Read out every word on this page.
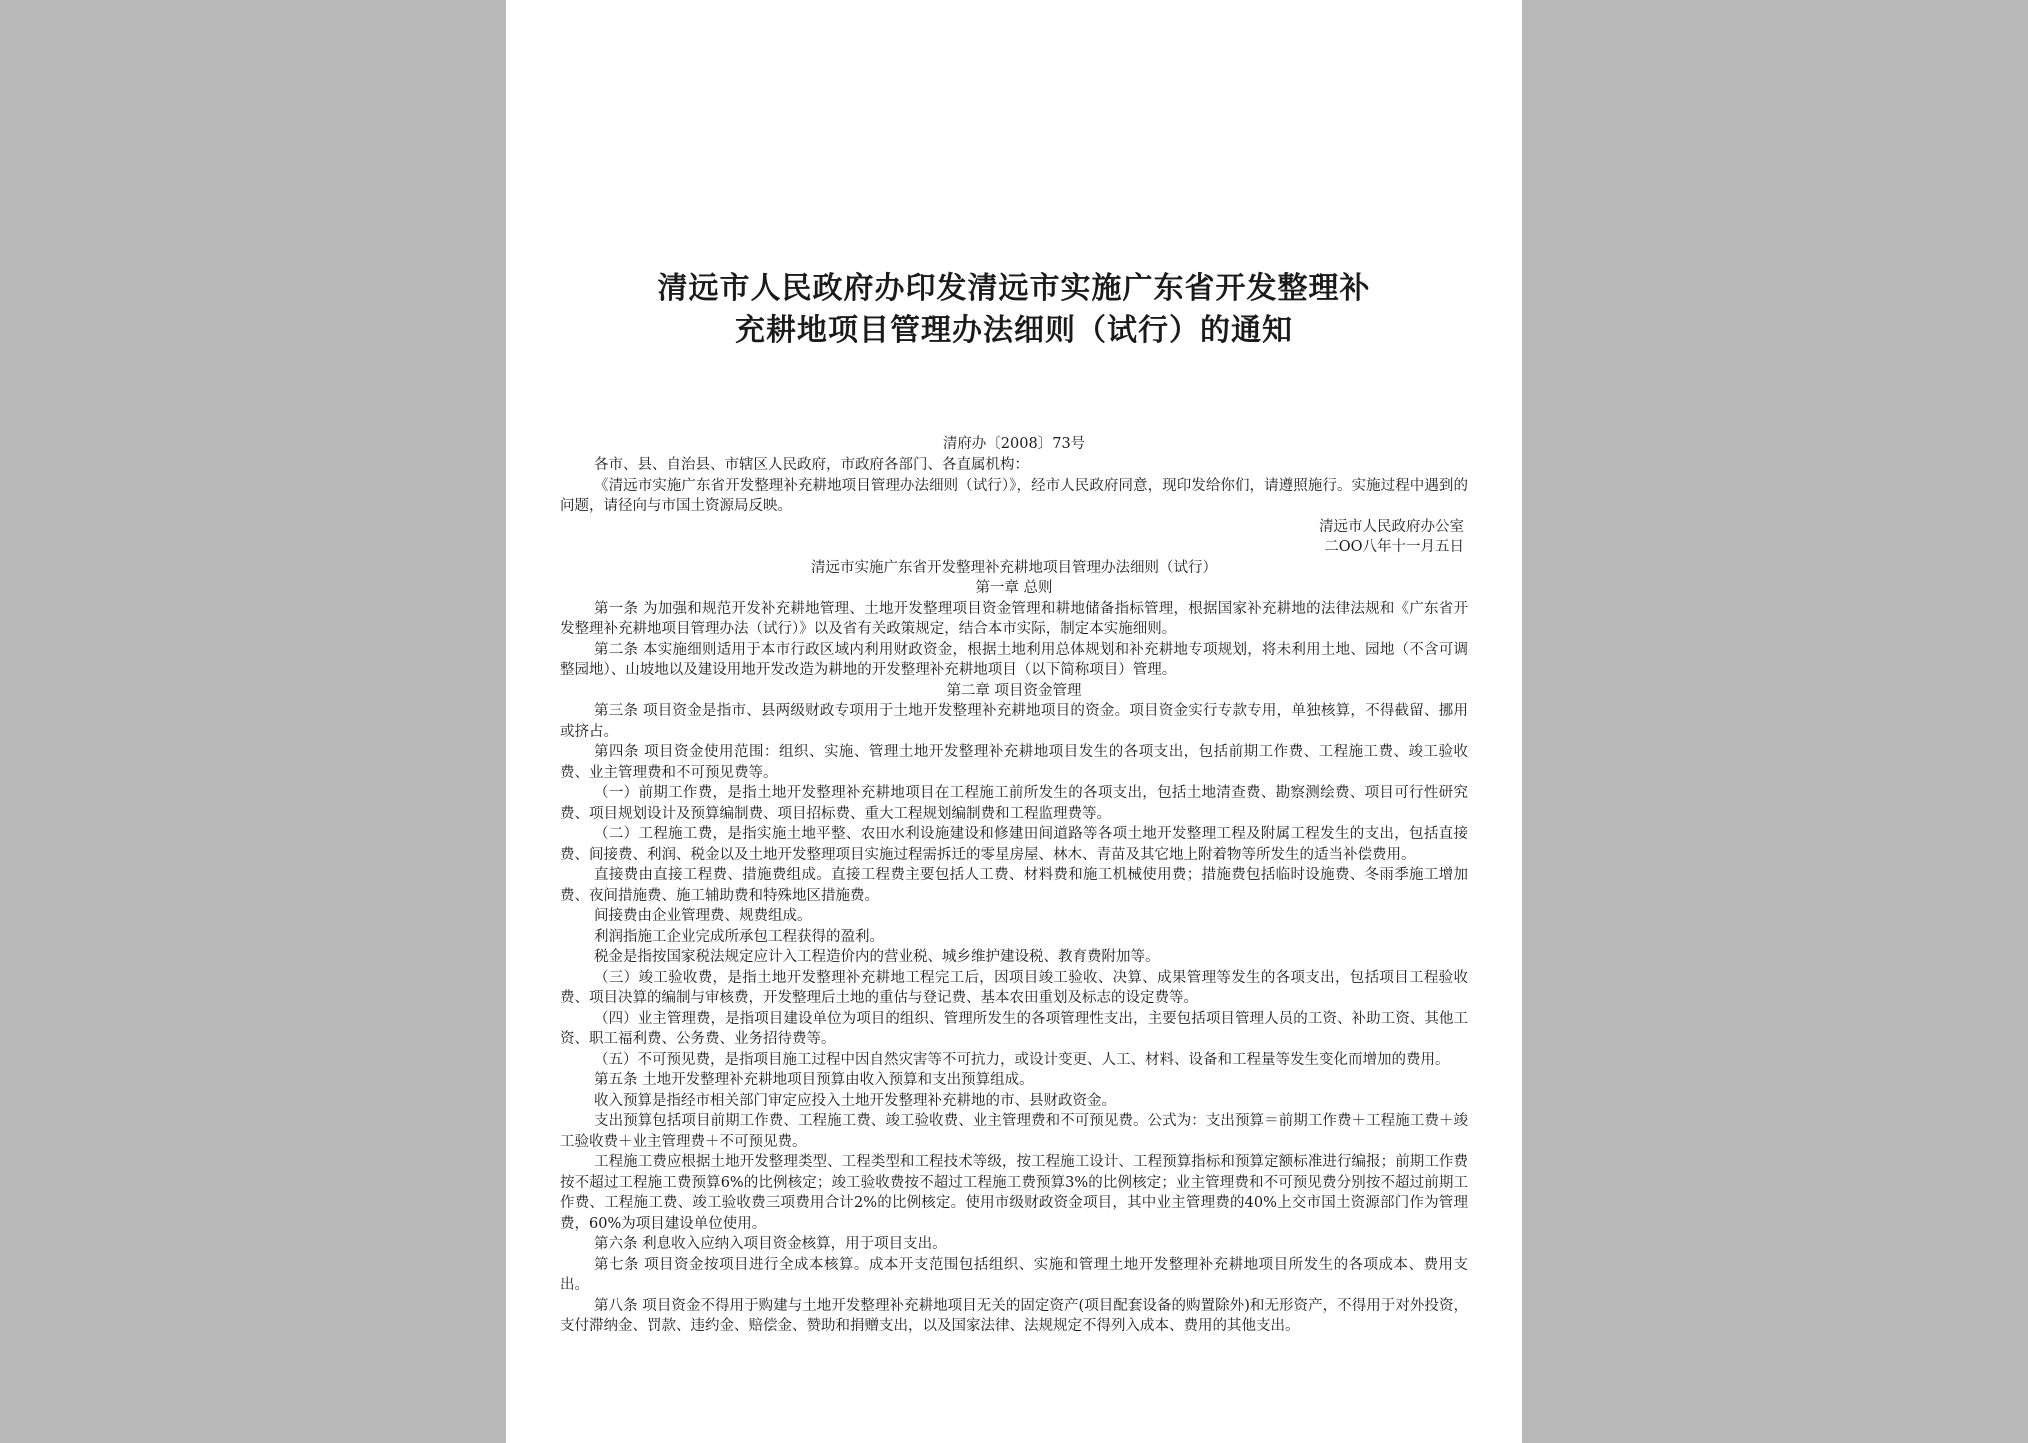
清远市人民政府办印发清远市实施广东省开发整理补
充耕地项目管理办法细则（试行）的通知
清府办〔2008〕73号

各市、县、自治县、市辖区人民政府，市政府各部门、各直属机构：

《清远市实施广东省开发整理补充耕地项目管理办法细则（试行）》，经市人民政府同意，现印发给你们，请遵照施行。实施过程中遇到的问题，请径向与市国土资源局反映。

清远市人民政府办公室

二OO八年十一月五日

清远市实施广东省开发整理补充耕地项目管理办法细则（试行）

第一章 总则

第一条 为加强和规范开发补充耕地管理、土地开发整理项目资金管理和耕地储备指标管理，根据国家补充耕地的法律法规和《广东省开发整理补充耕地项目管理办法（试行）》以及省有关政策规定，结合本市实际，制定本实施细则。

第二条 本实施细则适用于本市行政区域内利用财政资金，根据土地利用总体规划和补充耕地专项规划，将未利用土地、园地（不含可调整园地）、山坡地以及建设用地开发改造为耕地的开发整理补充耕地项目（以下简称项目）管理。

第二章 项目资金管理

第三条 项目资金是指市、县两级财政专项用于土地开发整理补充耕地项目的资金。项目资金实行专款专用，单独核算，不得截留、挪用或挤占。

第四条 项目资金使用范围：组织、实施、管理土地开发整理补充耕地项目发生的各项支出，包括前期工作费、工程施工费、竣工验收费、业主管理费和不可预见费等。

（一）前期工作费，是指土地开发整理补充耕地项目在工程施工前所发生的各项支出，包括土地清查费、勘察测绘费、项目可行性研究费、项目规划设计及预算编制费、项目招标费、重大工程规划编制费和工程监理费等。

（二）工程施工费，是指实施土地平整、农田水利设施建设和修建田间道路等各项土地开发整理工程及附属工程发生的支出，包括直接费、间接费、利润、税金以及土地开发整理项目实施过程需拆迁的零星房屋、林木、青苗及其它地上附着物等所发生的适当补偿费用。

直接费由直接工程费、措施费组成。直接工程费主要包括人工费、材料费和施工机械使用费；措施费包括临时设施费、冬雨季施工增加费、夜间措施费、施工辅助费和特殊地区措施费。

间接费由企业管理费、规费组成。

利润指施工企业完成所承包工程获得的盈利。

税金是指按国家税法规定应计入工程造价内的营业税、城乡维护建设税、教育费附加等。

（三）竣工验收费，是指土地开发整理补充耕地工程完工后，因项目竣工验收、决算、成果管理等发生的各项支出，包括项目工程验收费、项目决算的编制与审核费，开发整理后土地的重估与登记费、基本农田重划及标志的设定费等。

（四）业主管理费，是指项目建设单位为项目的组织、管理所发生的各项管理性支出，主要包括项目管理人员的工资、补助工资、其他工资、职工福利费、公务费、业务招待费等。

（五）不可预见费，是指项目施工过程中因自然灾害等不可抗力，或设计变更、人工、材料、设备和工程量等发生变化而增加的费用。

第五条 土地开发整理补充耕地项目预算由收入预算和支出预算组成。

收入预算是指经市相关部门审定应投入土地开发整理补充耕地的市、县财政资金。

支出预算包括项目前期工作费、工程施工费、竣工验收费、业主管理费和不可预见费。公式为：支出预算＝前期工作费＋工程施工费＋竣工验收费＋业主管理费＋不可预见费。

工程施工费应根据土地开发整理类型、工程类型和工程技术等级，按工程施工设计、工程预算指标和预算定额标准进行编报；前期工作费按不超过工程施工费预算6%的比例核定；竣工验收费按不超过工程施工费预算3%的比例核定；业主管理费和不可预见费分别按不超过前期工作费、工程施工费、竣工验收费三项费用合计2%的比例核定。使用市级财政资金项目，其中业主管理费的40%上交市国土资源部门作为管理费，60%为项目建设单位使用。

第六条 利息收入应纳入项目资金核算，用于项目支出。

第七条 项目资金按项目进行全成本核算。成本开支范围包括组织、实施和管理土地开发整理补充耕地项目所发生的各项成本、费用支出。

第八条 项目资金不得用于购建与土地开发整理补充耕地项目无关的固定资产(项目配套设备的购置除外)和无形资产，不得用于对外投资，支付滞纳金、罚款、违约金、赔偿金、赞助和捐赠支出，以及国家法律、法规规定不得列入成本、费用的其他支出。
